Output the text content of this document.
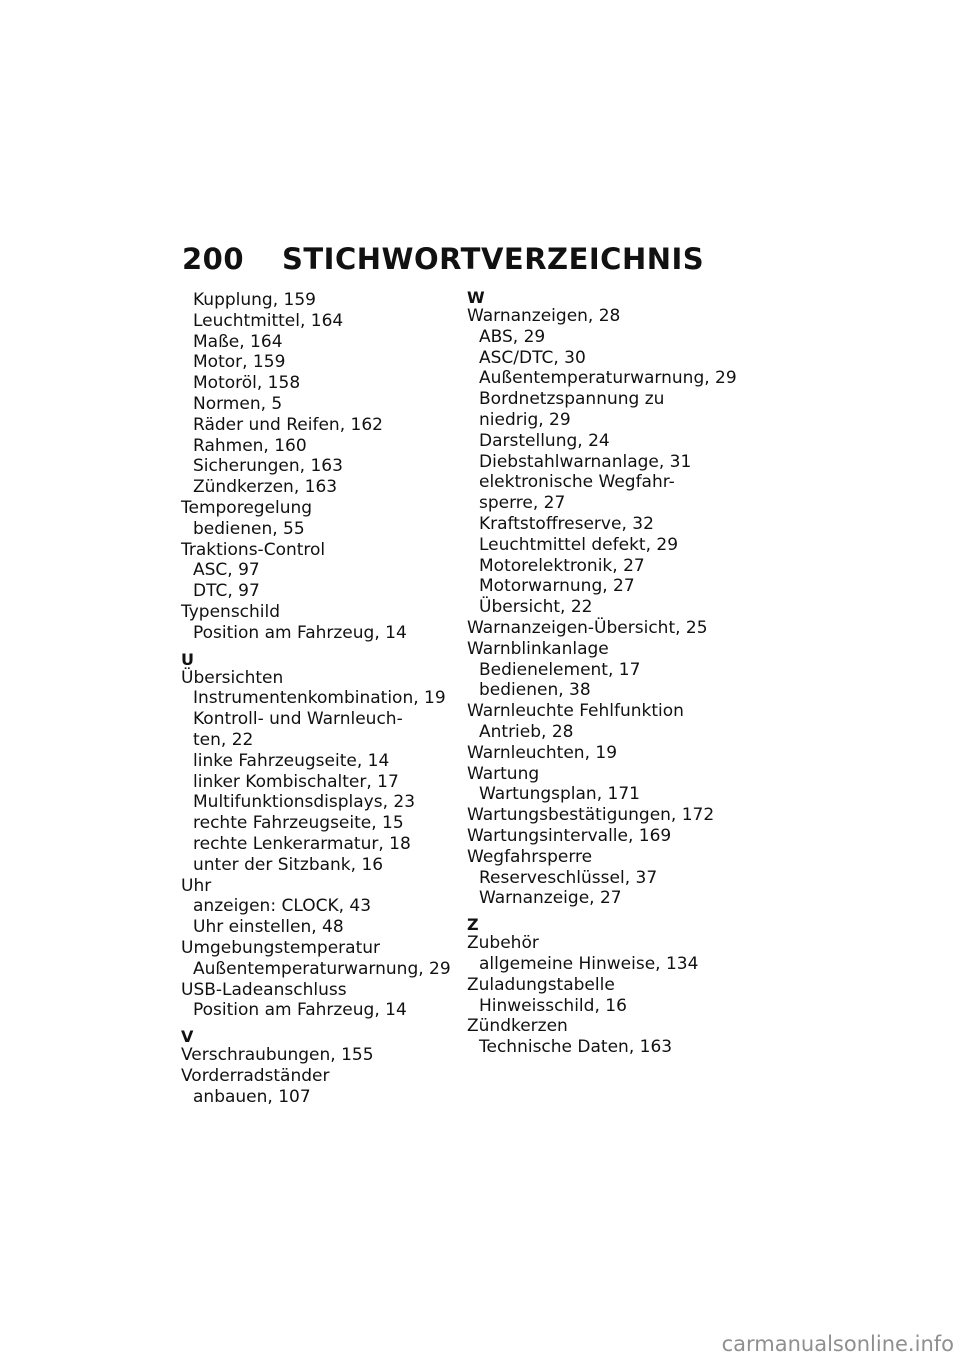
200 STICHWORTVERZEICHNIS
Kupplung, 159
Leuchtmittel, 164
Maße, 164
Motor, 159
Motoröl, 158
Normen, 5
Räder und Reifen, 162
Rahmen, 160
Sicherungen, 163
Zündkerzen, 163
Temporegelung
bedienen, 55
Traktions-Control
ASC, 97
DTC, 97
Typenschild
Position am Fahrzeug, 14
U
Übersichten
Instrumentenkombination, 19
Kontroll- und Warnleuch-
ten, 22
linke Fahrzeugseite, 14
linker Kombischalter, 17
Multifunktionsdisplays, 23
rechte Fahrzeugseite, 15
rechte Lenkerarmatur, 18
unter der Sitzbank, 16
Uhr
anzeigen: CLOCK, 43
Uhr einstellen, 48
Umgebungstemperatur
Außentemperaturwarnung, 29
USB-Ladeanschluss
Position am Fahrzeug, 14
V
Verschraubungen, 155
Vorderradständer
anbauen, 107
W
Warnanzeigen, 28
ABS, 29
ASC/DTC, 30
Außentemperaturwarnung, 29
Bordnetzspannung zu
niedrig, 29
Darstellung, 24
Diebstahlwarnanlage, 31
elektronische Wegfahr-
sperre, 27
Kraftstoffreserve, 32
Leuchtmittel defekt, 29
Motorelektronik, 27
Motorwarnung, 27
Übersicht, 22
Warnanzeigen-Übersicht, 25
Warnblinkanlage
Bedienelement, 17
bedienen, 38
Warnleuchte Fehlfunktion
Antrieb, 28
Warnleuchten, 19
Wartung
Wartungsplan, 171
Wartungsbestätigungen, 172
Wartungsintervalle, 169
Wegfahrsperre
Reserveschlüssel, 37
Warnanzeige, 27
Z
Zubehör
allgemeine Hinweise, 134
Zuladungstabelle
Hinweisschild, 16
Zündkerzen
Technische Daten, 163
carmanualsonline.info
